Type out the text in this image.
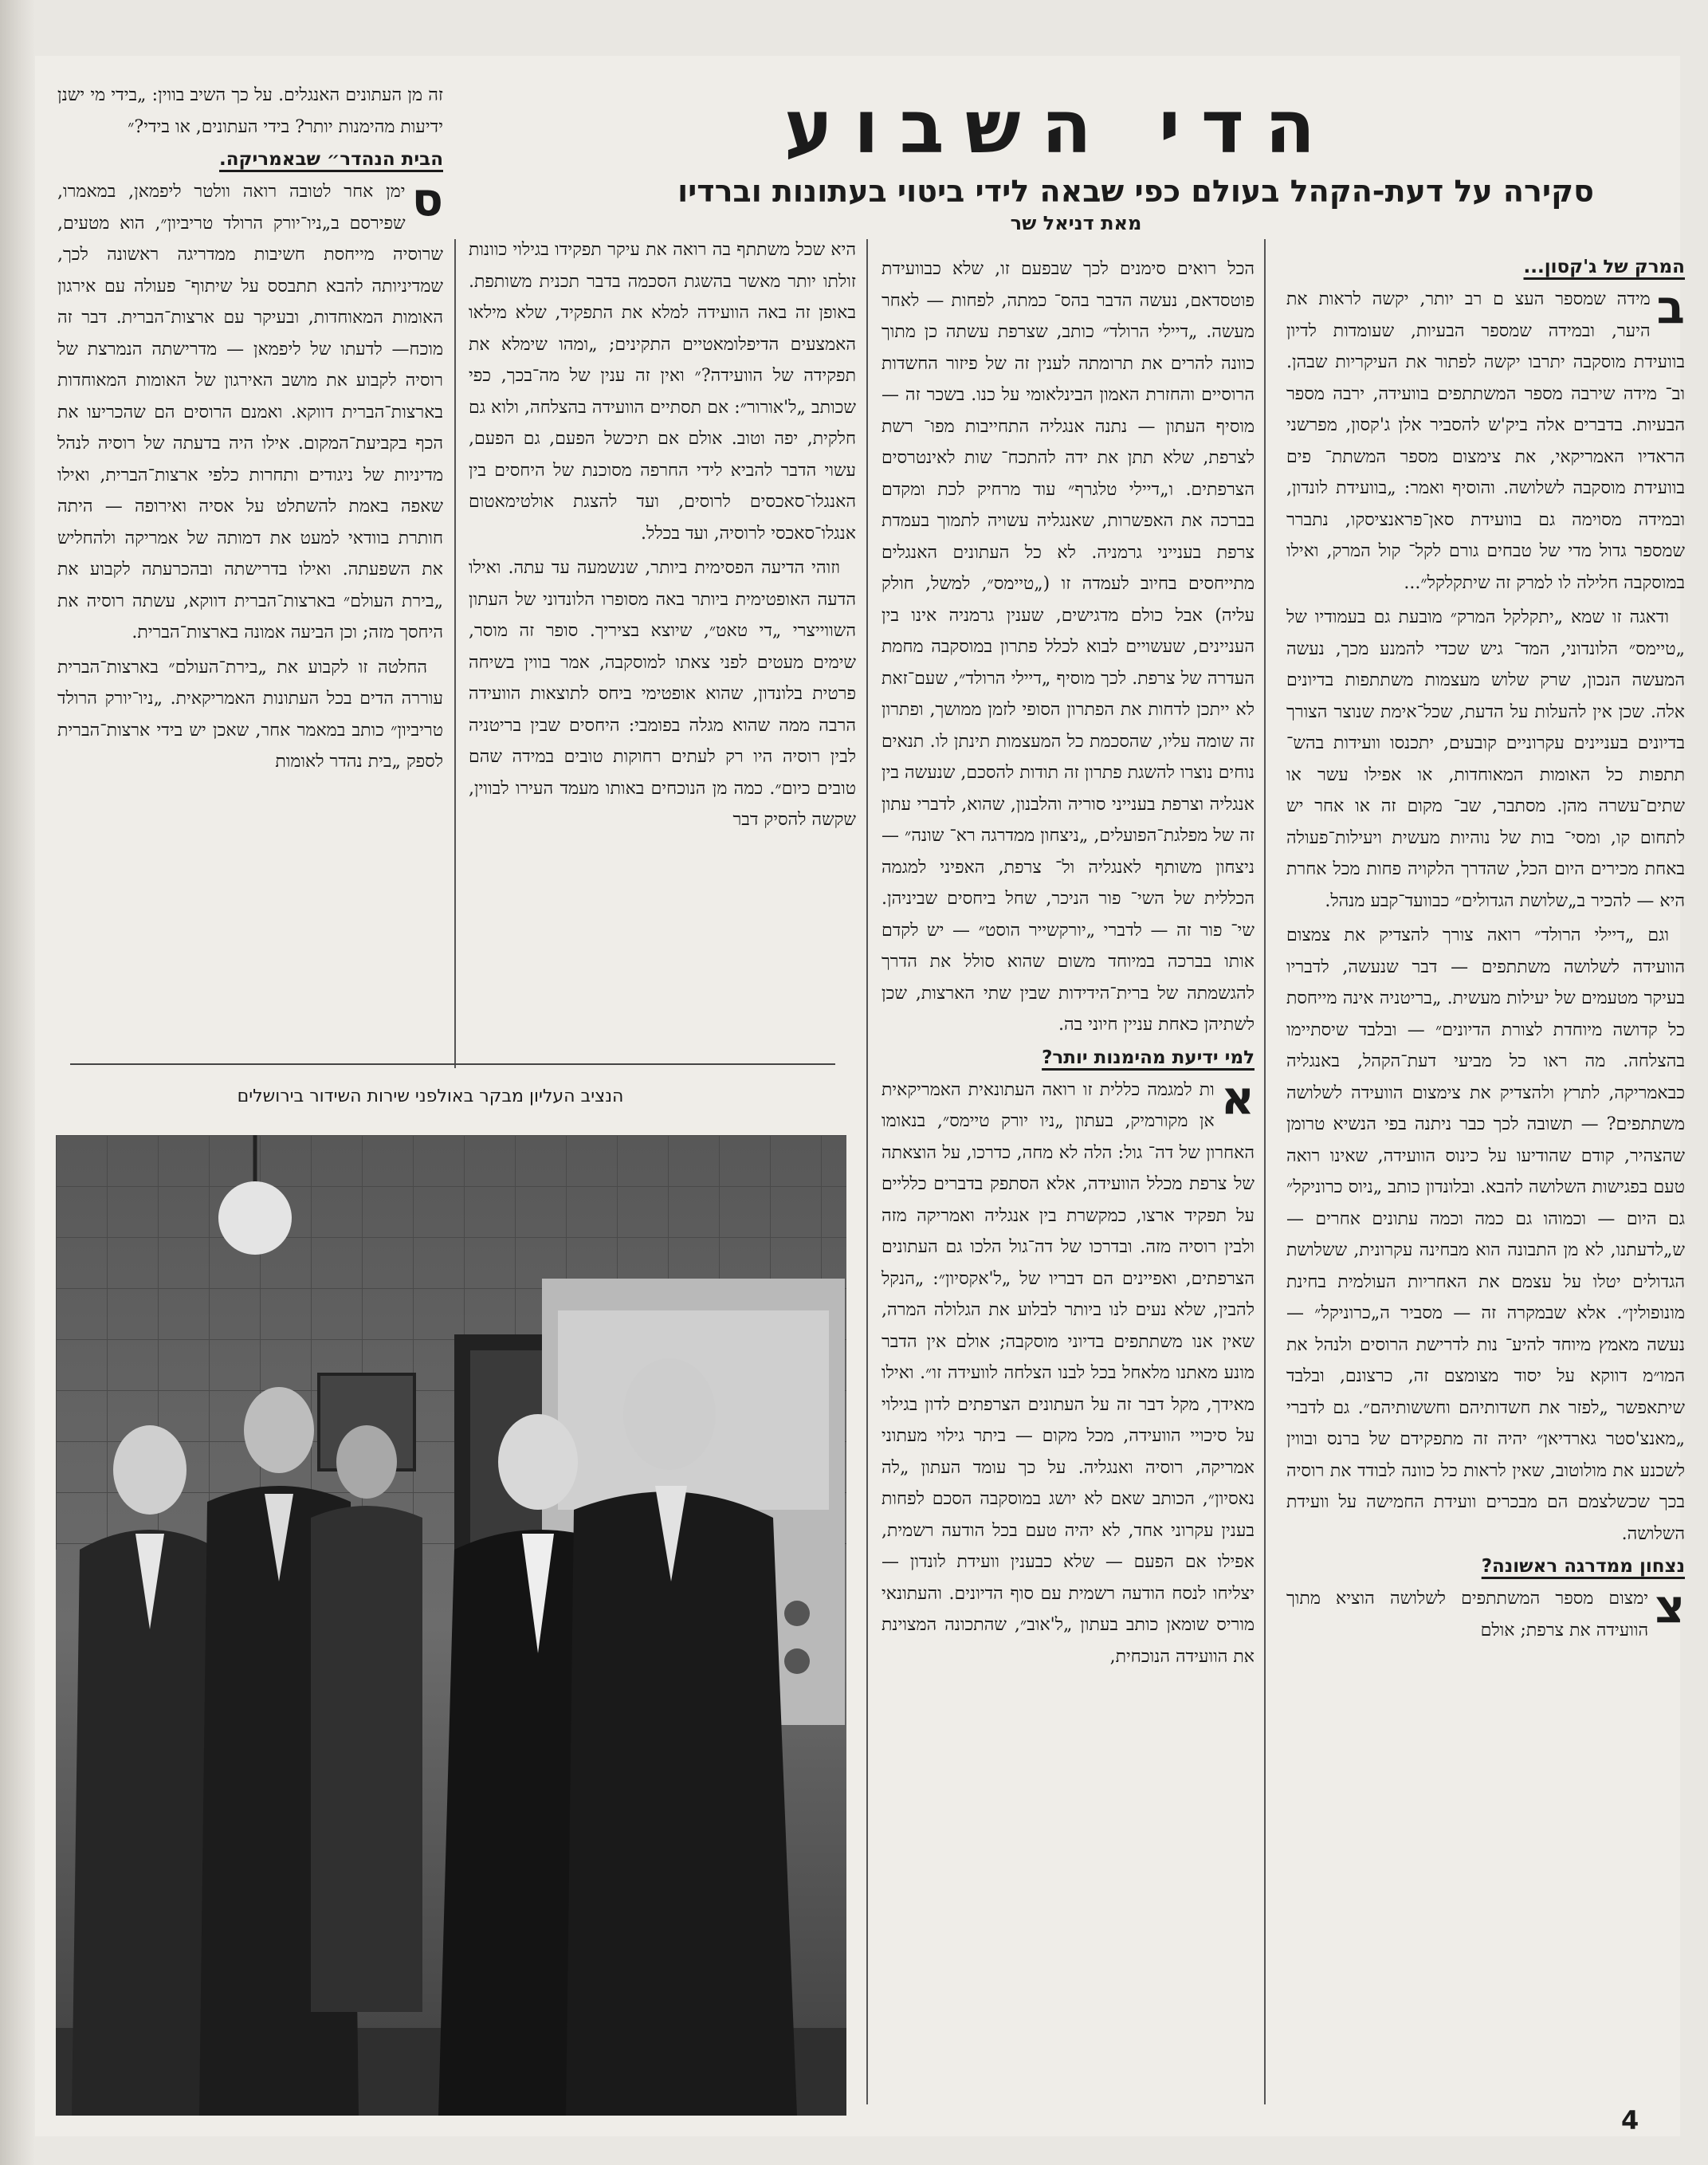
הדי השבוע
סקירה על דעת-הקהל בעולם כפי שבאה לידי ביטוי בעתונות וברדיו
מאת דניאל שר

המרק של ג'קסון...

ב
מידה שמספר העצ ם רב יותר, יקשה לראות את היער, ובמידה שמספר הבעיות, שעומדות לדיון בוועידת מוסקבה יתרבו יקשה לפתור את העיקריות שבהן. וב־ מידה שירבה מספר המשתתפים בוועידה, ירבה מספר הבעיות. בדברים אלה ביק'ש להסביר אלן ג'קסון, מפרשני הראדיו האמריקאי, את צימצום מספר המשתת־ פים בוועידת מוסקבה לשלושה. והוסיף ואמר: „בוועידת לונדון, ובמידה מסוימה גם בוועידת סאן־פראנציסקו, נתברר שמספר גדול מדי של טבחים גורם לקל־ קול המרק, ואילו במוסקבה חלילה לו למרק זה שיתקלקל״...

ודאגה זו שמא „יתקלקל המרק״ מובעת גם בעמודיו של „טיימס״ הלונדוני, המד־ גיש שכדי להמנע מכך, נעשה המעשה הנכון, שרק שלוש מעצמות משתתפות בדיונים אלה. שכן אין להעלות על הדעת, שכל־אימת שנוצר הצורך בדיונים בעניינים עקרוניים קובעים, יתכנסו וועידות בהש־ תתפות כל האומות המאוחדות, או אפילו עשר או שתים־עשרה מהן. מסתבר, שב־ מקום זה או אחר יש לתחום קו, ומסי־ בות של נוהיות מעשית ויעילות־פעולה באחת מכירים היום הכל, שהדרך הלקויה פחות מכל אחרת היא — להכיר ב„שלושת הגדולים״ כבוועד־קבע מנהל.

וגם „דיילי הרולד״ רואה צורך להצדיק את צמצום הוועידה לשלושה משתתפים — דבר שנעשה, לדבריו בעיקר מטעמים של יעילות מעשית. „בריטניה אינה מייחסת כל קדושה מיוחדת לצורת הדיונים״ — ובלבד שיסתיימו בהצלחה. מה ראו כל מביעי דעת־הקהל, באנגליה כבאמריקה, לתרץ ולהצדיק את צימצום הוועידה לשלושה משתתפים? — תשובה לכך כבר ניתנה בפי הנשיא טרומן שהצהיר, קודם שהודיעו על כינוס הוועידה, שאינו רואה טעם בפגישות השלושה להבא. ובלונדון כותב „ניוס כרוניקל״ גם היום — וכמוהו גם כמה וכמה עתונים אחרים — ש„לדעתנו, לא מן התבונה הוא מבחינה עקרונית, ששלושת הגדולים יטלו על עצמם את האחריות העולמית בחינת מונופולין״. אלא שבמקרה זה — מסביר ה„כרוניקל״ — נעשה מאמץ מיוחד להיע־ נות לדרישת הרוסים ולנהל את המו״מ דווקא על יסוד מצומצם זה, כרצונם, ובלבד שיתאפשר „לפזר את חשדותיהם וחששותיהם״. גם לדברי „מאנצ'סטר גארדיאן״ יהיה זה מתפקידם של ברנס ובווין לשכנע את מולוטוב, שאין לראות כל כוונה לבודד את רוסיה בכך שכשלצמם הם מבכרים וועידת החמישה על וועידת השלושה.

נצחון ממדרגה ראשונה?

צ
ימצום מספר המשתתפים לשלושה הוציא מתוך הוועידה את צרפת; אולם

הכל רואים סימנים לכך שבפעם זו, שלא כבוועידת פוטסדאם, נעשה הדבר בהס־ כמתה, לפחות — לאחר מעשה. „דיילי הרולד״ כותב, שצרפת עשתה כן מתוך כוונה להרים את תרומתה לענין זה של פיזור החשדות הרוסיים והחזרת האמון הבינלאומי על כנו. בשכר זה — מוסיף העתון — נתנה אנגליה התחייבות מפו־ רשת לצרפת, שלא תתן את ידה להתכח־ שות לאינטרסים הצרפתים. ו„דיילי טלגרף״ עוד מרחיק לכת ומקדם בברכה את האפשרות, שאנגליה עשויה לתמוך בעמדת צרפת בענייני גרמניה. לא כל העתונים האנגלים מתייחסים בחיוב לעמדה זו („טיימס״, למשל, חולק עליה) אבל כולם מדגישים, שענין גרמניה אינו בין העניינים, שעשויים לבוא לכלל פתרון במוסקבה מחמת העדרה של צרפת. לכך מוסיף „דיילי הרולד״, שעם־זאת לא ייתכן לדחות את הפתרון הסופי לזמן ממושך, ופתרון זה שומה עליו, שהסכמת כל המעצמות תינתן לו. תנאים נוחים נוצרו להשגת פתרון זה תודות להסכם, שנעשה בין אנגליה וצרפת בענייני סוריה והלבנון, שהוא, לדברי עתון זה של מפלגת־הפועלים, „ניצחון ממדרגה רא־ שונה״ — ניצחון משותף לאנגליה ול־ צרפת, האפיני למגמה הכללית של השי־ פור הניכר, שחל ביחסים שביניהן. שי־ פור זה — לדברי „יורקשייר הוסט״ — יש לקדם אותו בברכה במיוחד משום שהוא סולל את הדרך להגשמתה של ברית־הידידות שבין שתי הארצות, שכן לשתיהן כאחת עניין חיוני בה.

למי ידיעת מהימנות יותר?

א
ות למגמה כללית זו רואה העתונאית האמריקאית אן מקורמיק, בעתון „ניו יורק טיימס״, בנאומו האחרון של דה־ גול: הלה לא מחה, כדרכו, על הוצאתה של צרפת מכלל הוועידה, אלא הסתפק בדברים כלליים על תפקיד ארצו, כמקשרת בין אנגליה ואמריקה מזה ולבין רוסיה מזה. ובדרכו של דה־גול הלכו גם העתונים הצרפתים, ואפיינים הם דבריו של „ל'אקסיון״: „הנקל להבין, שלא נעים לנו ביותר לבלוע את הגלולה המרה, שאין אנו משתתפים בדיוני מוסקבה; אולם אין הדבר מונע מאתנו מלאחל בכל לבנו הצלחה לוועידה זו״. ואילו מאידך, מקל דבר זה על העתונים הצרפתים לדון בגילוי על סיכויי הוועידה, מכל מקום — ביתר גילוי מעתוני אמריקה, רוסיה ואנגליה. על כך עומד העתון „לה נאסיון״, הכותב שאם לא יושג במוסקבה הסכם לפחות בענין עקרוני אחד, לא יהיה טעם בכל הודעה רשמית, אפילו אם הפעם — שלא כבענין וועידת לונדון — יצליחו לנסח הודעה רשמית עם סוף הדיונים. והעתונאי מוריס שומאן כותב בעתון „ל'אוב״, שהתכונה המצוינת את הוועידה הנוכחית,

היא שכל משתתף בה רואה את עיקר תפקידו בגילוי כוונות זולתו יותר מאשר בהשגת הסכמה בדבר תכנית משותפת. באופן זה באה הוועידה למלא את התפקיד, שלא מילאו האמצעים הדיפלומאטיים התקינים; „ומהו שימלא את תפקידה של הוועידה?״ ואין זה ענין של מה־בכך, כפי שכותב „ל'אורור״: אם תסתיים הוועידה בהצלחה, ולוא גם חלקית, יפה וטוב. אולם אם תיכשל הפעם, גם הפעם, עשוי הדבר להביא לידי החרפה מסוכנת של היחסים בין האנגלו־סאכסים לרוסים, ועד להצגת אולטימאטום אנגלו־סאכסי לרוסיה, ועד בכלל.

וזוהי הדיעה הפסימית ביותר, שנשמעה עד עתה. ואילו הדעה האופטימית ביותר באה מסופרו הלונדוני של העתון השווייצרי „די טאט״, שיוצא בציריך. סופר זה מוסר, שימים מעטים לפני צאתו למוסקבה, אמר בווין בשיחה פרטית בלונדון, שהוא אופטימי ביחס לתוצאות הוועידה הרבה ממה שהוא מגלה בפומבי: היחסים שבין בריטניה לבין רוסיה היו רק לעתים רחוקות טובים במידה שהם טובים כיום״. כמה מן הנוכחים באותו מעמד העירו לבווין, שקשה להסיק דבר

זה מן העתונים האנגלים. על כך השיב בווין: „בידי מי ישנן ידיעות מהימנות יותר? בידי העתונים, או בידי?״

הבית הנהדר״ שבאמריקה.

ס
ימן אחר לטובה רואה וולטר ליפמאן, במאמרו, שפירסם ב„ניו־יורק הרולד טריביון״, הוא מטעים, שרוסיה מייחסת חשיבות ממדריגה ראשונה לכך, שמדיניותה להבא תתבסס על שיתוף־ פעולה עם אירגון האומות המאוחדות, ובעיקר עם ארצות־הברית. דבר זה מוכח— לדעתו של ליפמאן — מדרישתה הנמרצת של רוסיה לקבוע את מושב האירגון של האומות המאוחדות בארצות־הברית דווקא. ואמנם הרוסים הם שהכריעו את הכף בקביעת־המקום. אילו היה בדעתה של רוסיה לנהל מדיניות של ניגודים ותחרות כלפי ארצות־הברית, ואילו שאפה באמת להשתלט על אסיה ואירופה — היתה חותרת בוודאי למעט את דמותה של אמריקה ולהחליש את השפעתה. ואילו בדרישתה ובהכרעתה לקבוע את „בירת העולם״ בארצות־הברית דווקא, עשתה רוסיה את היחסך מזה; וכן הביעה אמונה בארצות־הברית.

החלטה זו לקבוע את „בירת־העולם״ בארצות־הברית עוררה הדים בכל העתונות האמריקאית. „ניו־יורק הרולד טריביון״ כותב במאמר אחר, שאכן יש בידי ארצות־הברית לספק „בית נהדר לאומות

הנציב העליון מבקר באולפני שירות השידור בירושלים
4
